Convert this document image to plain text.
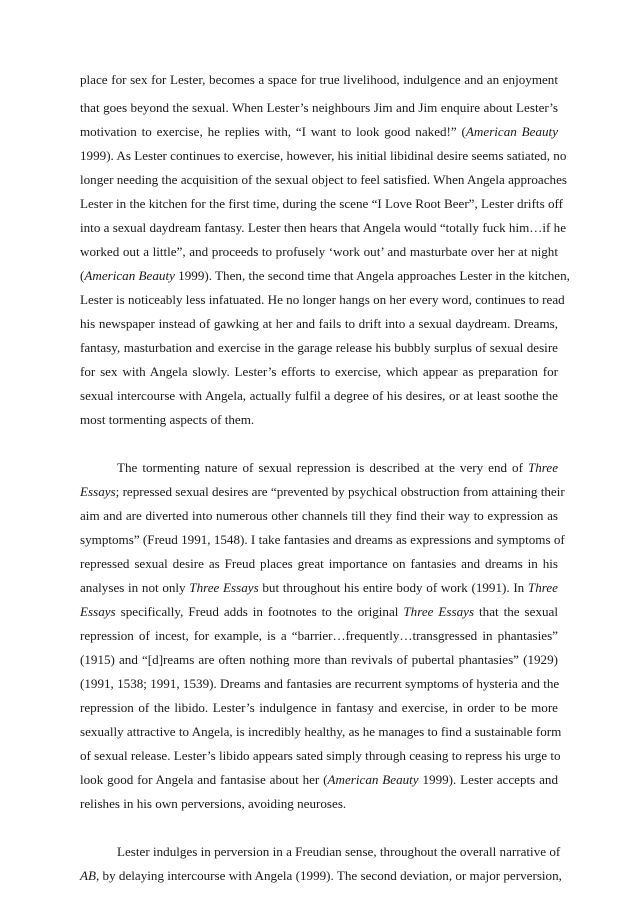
place for sex for Lester, becomes a space for true livelihood, indulgence and an enjoyment
that goes beyond the sexual. When Lester’s neighbours Jim and Jim enquire about Lester’s
motivation to exercise, he replies with, “I want to look good naked!” (American Beauty
1999). As Lester continues to exercise, however, his initial libidinal desire seems satiated, no
longer needing the acquisition of the sexual object to feel satisfied. When Angela approaches
Lester in the kitchen for the first time, during the scene “I Love Root Beer”, Lester drifts off
into a sexual daydream fantasy. Lester then hears that Angela would “totally fuck him…if he
worked out a little”, and proceeds to profusely ‘work out’ and masturbate over her at night
(American Beauty 1999). Then, the second time that Angela approaches Lester in the kitchen,
Lester is noticeably less infatuated. He no longer hangs on her every word, continues to read
his newspaper instead of gawking at her and fails to drift into a sexual daydream. Dreams,
fantasy, masturbation and exercise in the garage release his bubbly surplus of sexual desire
for sex with Angela slowly. Lester’s efforts to exercise, which appear as preparation for
sexual intercourse with Angela, actually fulfil a degree of his desires, or at least soothe the
most tormenting aspects of them.
The tormenting nature of sexual repression is described at the very end of Three
Essays; repressed sexual desires are “prevented by psychical obstruction from attaining their
aim and are diverted into numerous other channels till they find their way to expression as
symptoms” (Freud 1991, 1548). I take fantasies and dreams as expressions and symptoms of
repressed sexual desire as Freud places great importance on fantasies and dreams in his
analyses in not only Three Essays but throughout his entire body of work (1991). In Three
Essays specifically, Freud adds in footnotes to the original Three Essays that the sexual
repression of incest, for example, is a “barrier…frequently…transgressed in phantasies”
(1915) and “[d]reams are often nothing more than revivals of pubertal phantasies” (1929)
(1991, 1538; 1991, 1539). Dreams and fantasies are recurrent symptoms of hysteria and the
repression of the libido. Lester’s indulgence in fantasy and exercise, in order to be more
sexually attractive to Angela, is incredibly healthy, as he manages to find a sustainable form
of sexual release. Lester’s libido appears sated simply through ceasing to repress his urge to
look good for Angela and fantasise about her (American Beauty 1999). Lester accepts and
relishes in his own perversions, avoiding neuroses.
Lester indulges in perversion in a Freudian sense, throughout the overall narrative of
AB, by delaying intercourse with Angela (1999). The second deviation, or major perversion,
